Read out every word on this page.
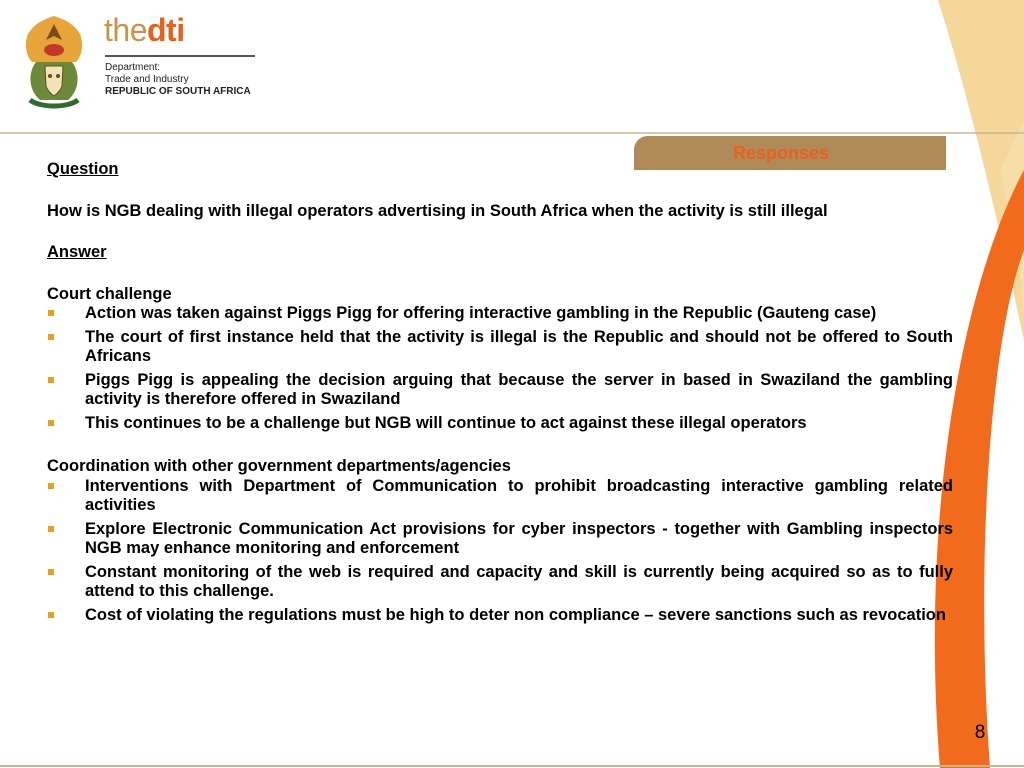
thedti
Department:
Trade and Industry
REPUBLIC OF SOUTH AFRICA
Responses

Question

How is NGB dealing with illegal operators advertising in South Africa when the activity is still illegal

Answer

Court challenge

Action was taken against Piggs Pigg for offering interactive gambling in the Republic (Gauteng case)
The court of first instance held that the activity is illegal is the Republic and should not be offered to South Africans
Piggs Pigg is appealing the decision arguing that because the server in based in Swaziland the gambling activity is therefore offered in Swaziland
This continues to be a challenge but NGB will continue to act against these illegal operators

Coordination with other government departments/agencies

Interventions with Department of Communication to prohibit broadcasting interactive gambling related activities
Explore Electronic Communication Act provisions for cyber inspectors - together with Gambling inspectors NGB may enhance monitoring and enforcement
Constant monitoring of the web is required and capacity and skill is currently being acquired so as to fully attend to this challenge.
Cost of violating the regulations must be high to deter non compliance – severe sanctions such as revocation
8
